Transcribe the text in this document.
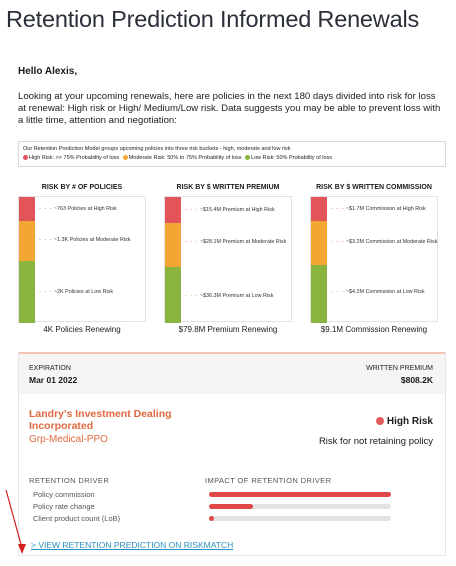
Retention Prediction Informed Renewals
Hello Alexis,
Looking at your upcoming renewals, here are policies in the next 180 days divided into risk for loss at renewal: High risk or High/ Medium/Low risk. Data suggests you may be able to prevent loss with a little time, attention and negotiation:
Our Retention Prediction Model groups upcoming policies into three risk buckets - high, moderate and low risk
High Risk: >> 75% Probability of loss Moderate Risk: 50% to 75% Probability of loss Low Risk: 50% Probability of loss
RISK BY # OF POLICIES
- - - ~763 Policies at High Risk
- - - ~1.3K Policies at Moderate Risk
- - - ~2K Policies at Low Risk
4K Policies Renewing
RISK BY $ WRITTEN PREMIUM
- - - ~$15.4M Premium at High Risk
- - - ~$28.1M Premium at Moderate Risk
- - - ~$36.3M Premium at Low Risk
$79.8M Premium Renewing
RISK BY $ WRITTEN COMMISSION
- - - ~$1.7M Commission at High Risk
- - - ~$3.2M Commission at Moderate Risk
- - - ~$4.2M Commission at Low Risk
$9.1M Commission Renewing
EXPIRATION
Mar 01 2022
WRITTEN PREMIUM
$808.2K
Landry's Investment Dealing
Incorporated
Grp-Medical-PPO
High Risk
Risk for not retaining policy
RETENTION DRIVER	IMPACT OF RETENTION DRIVER
Policy commission
Policy rate change
Client product count (LoB)
> VIEW RETENTION PREDICTION ON RISKMATCH
